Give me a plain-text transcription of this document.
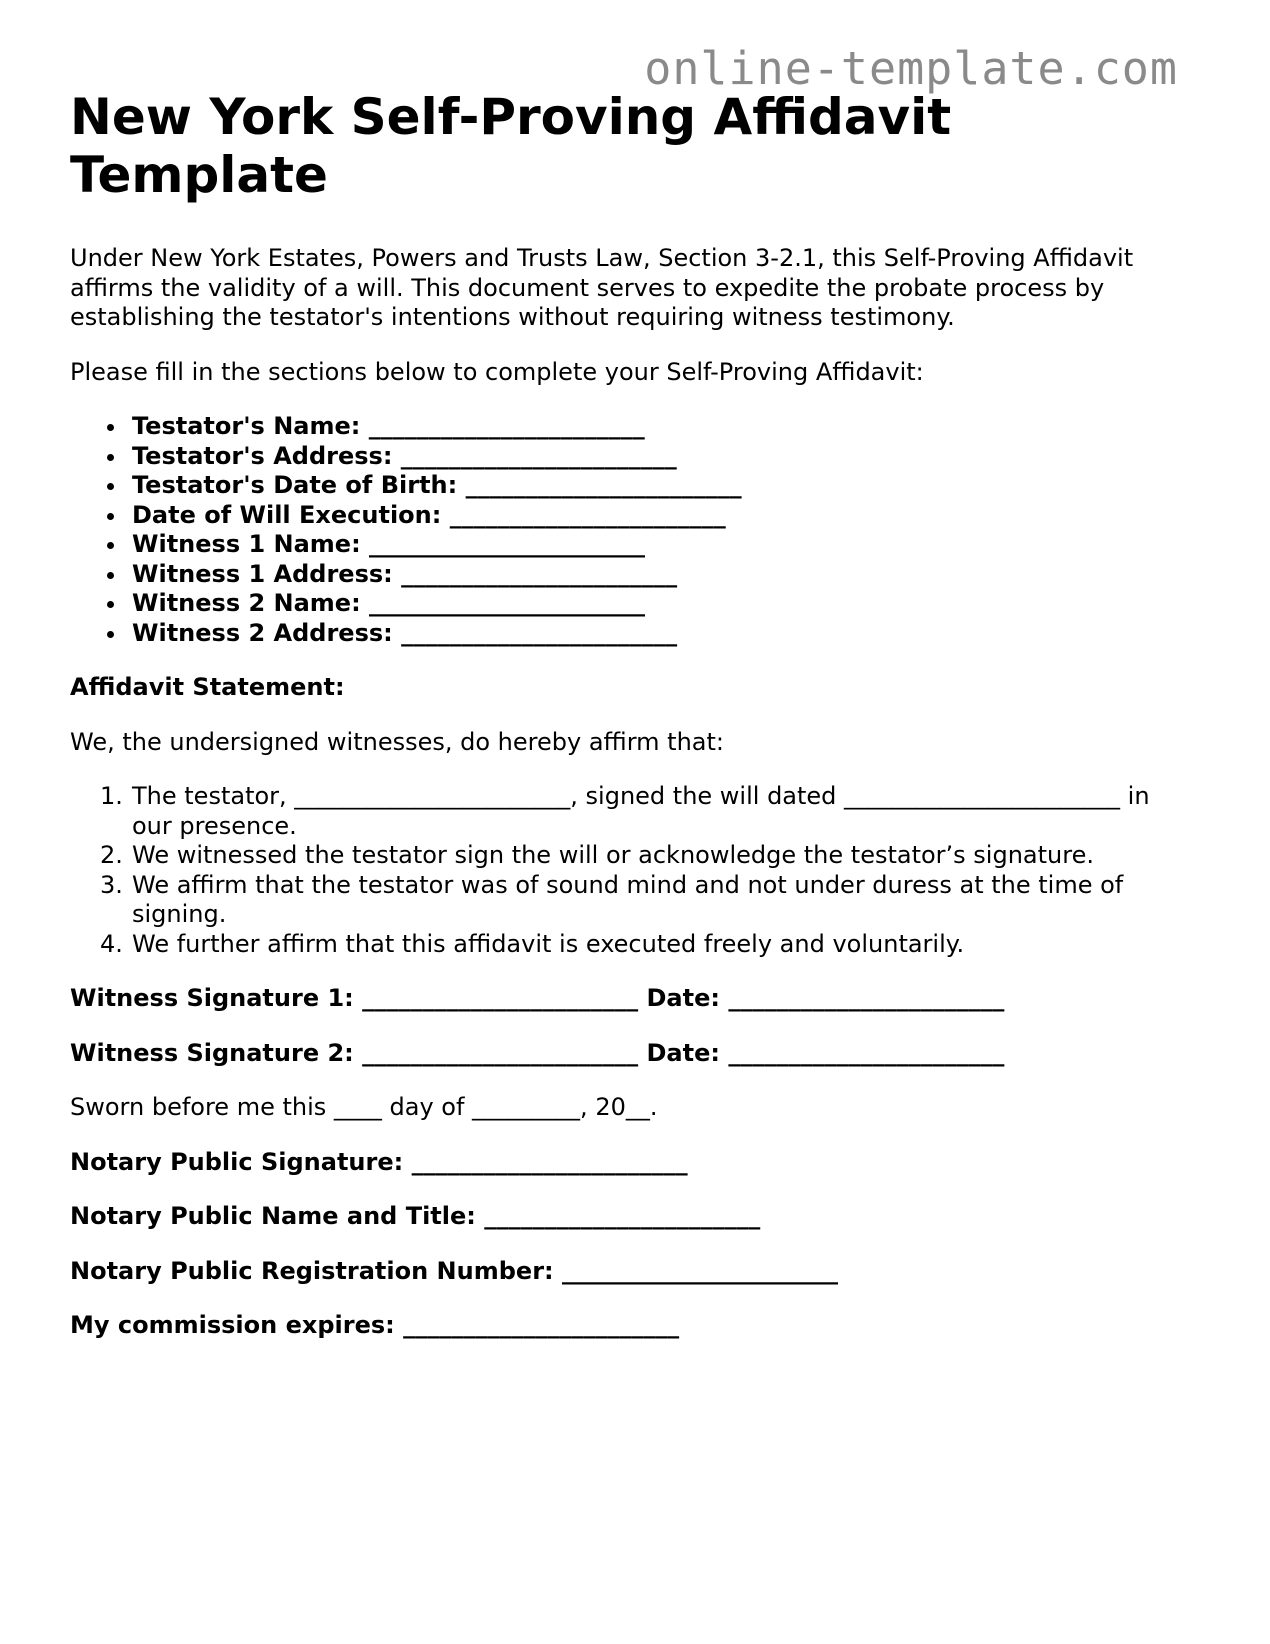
online-template.com
New York Self-Proving Affidavit Template

Under New York Estates, Powers and Trusts Law, Section 3-2.1, this Self-Proving Affidavit affirms the validity of a will. This document serves to expedite the probate process by establishing the testator's intentions without requiring witness testimony.

Please fill in the sections below to complete your Self-Proving Affidavit:

Testator's Name: _______________________
Testator's Address: _______________________
Testator's Date of Birth: _______________________
Date of Will Execution: _______________________
Witness 1 Name: _______________________
Witness 1 Address: _______________________
Witness 2 Name: _______________________
Witness 2 Address: _______________________

Affidavit Statement:

We, the undersigned witnesses, do hereby affirm that:

1. The testator, _______________________, signed the will dated _______________________ in our presence.
2. We witnessed the testator sign the will or acknowledge the testator’s signature.
3. We affirm that the testator was of sound mind and not under duress at the time of signing.
4. We further affirm that this affidavit is executed freely and voluntarily.

Witness Signature 1: _______________________ Date: _______________________

Witness Signature 2: _______________________ Date: _______________________

Sworn before me this ____ day of _________, 20__.

Notary Public Signature: _______________________

Notary Public Name and Title: _______________________

Notary Public Registration Number: _______________________

My commission expires: _______________________
